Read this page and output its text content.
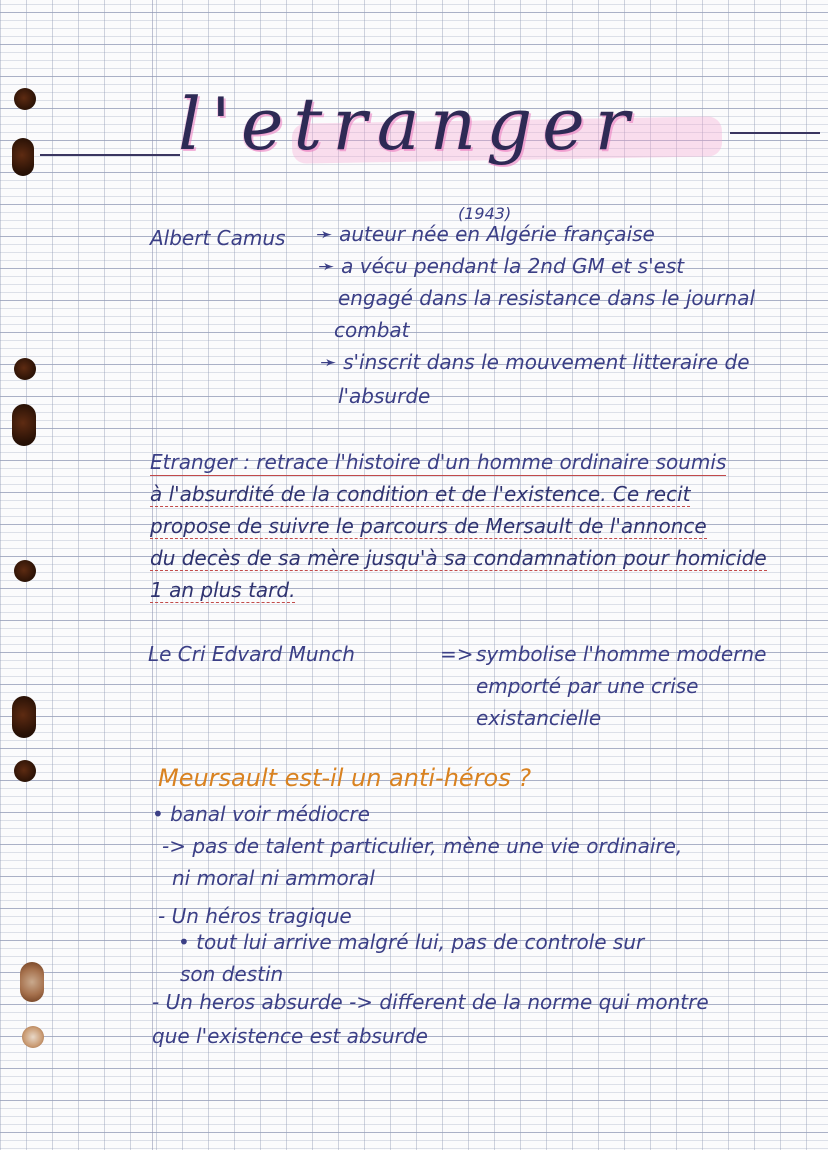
l'etranger
(1943)
Albert Camus ➛ auteur née en Algérie française
➛ a vécu pendant la 2nd GM et s'est
engagé dans la resistance dans le journal
combat
➛ s'inscrit dans le mouvement litteraire de
l'absurde
Etranger : retrace l'histoire d'un homme ordinaire soumis
à l'absurdité de la condition et de l'existence. Ce recit
propose de suivre le parcours de Mersault de l'annonce
du decès de sa mère jusqu'à sa condamnation pour homicide
1 an plus tard.
Le Cri Edvard Munch	=> symbolise l'homme moderne
emporté par une crise
existancielle
Meursault est-il un anti-héros ?
• banal voir médiocre
-> pas de talent particulier, mène une vie ordinaire,
ni moral ni ammoral
- Un héros tragique
• tout lui arrive malgré lui, pas de controle sur
son destin
- Un heros absurde -> different de la norme qui montre
que l'existence est absurde
